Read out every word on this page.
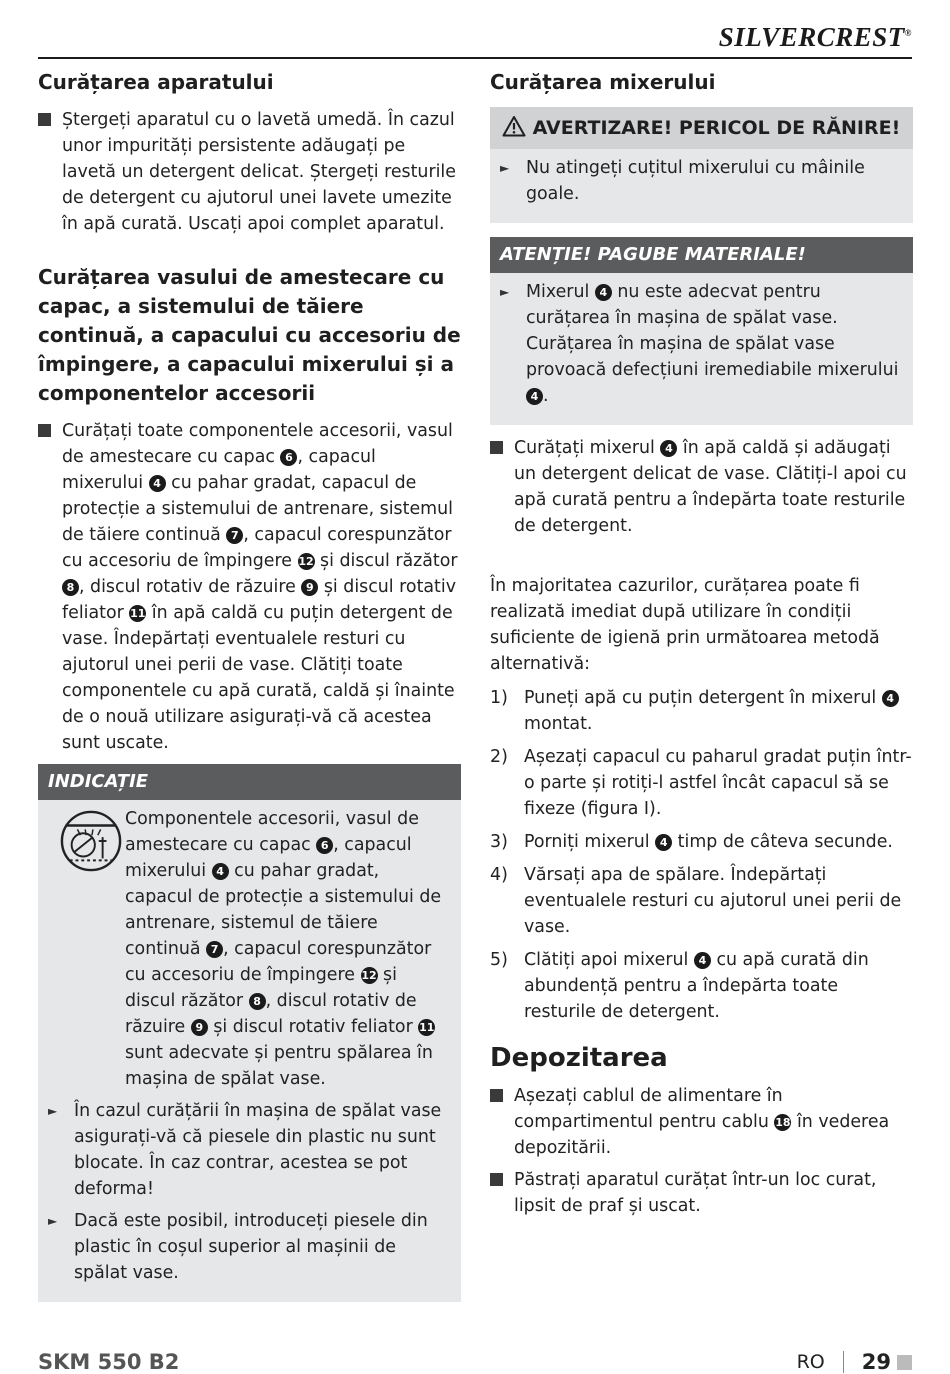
SILVERCREST®
Curățarea aparatului
Ștergeți aparatul cu o lavetă umedă. În cazul unor impurități persistente adăugați pe lavetă un detergent delicat. Ștergeți resturile de detergent cu ajutorul unei lavete umezite în apă curată. Uscați apoi complet aparatul.
Curățarea vasului de amestecare cu capac, a sistemului de tăiere continuă, a capacului cu accesoriu de împingere, a capacului mixerului și a componentelor accesorii
Curățați toate componentele accesorii, vasul de amestecare cu capac 6 , capacul mixerului 4 cu pahar gradat, capacul de protecție a sistemului de antrenare, sistemul de tăiere continuă 7 , capacul corespunzător cu accesoriu de împingere 12 și discul răzător 8 , discul rotativ de răzuire 9 și discul rotativ feliator 11 în apă caldă cu puțin detergent de vase. Îndepărtați eventualele resturi cu ajutorul unei perii de vase. Clătiți toate componentele cu apă curată, caldă și înainte de o nouă utilizare asigurați-vă că acestea sunt uscate.
INDICAȚIE
Componentele accesorii, vasul de amestecare cu capac 6 , capacul mixerului 4 cu pahar gradat, capacul de protecție a sistemului de antrenare, sistemul de tăiere continuă 7 , capacul corespunzător cu accesoriu de împingere 12 și discul răzător 8 , discul rotativ de răzuire 9 și discul rotativ feliator 11 sunt adecvate și pentru spălarea în mașina de spălat vase.
► În cazul curățării în mașina de spălat vase asigurați-vă că piesele din plastic nu sunt blocate. În caz contrar, acestea se pot deforma!
► Dacă este posibil, introduceți piesele din plastic în coșul superior al mașinii de spălat vase.
Curățarea mixerului
AVERTIZARE! PERICOL DE RĂNIRE!
► Nu atingeți cuțitul mixerului cu mâinile goale.
ATENȚIE! PAGUBE MATERIALE!
► Mixerul 4 nu este adecvat pentru curățarea în mașina de spălat vase. Curățarea în mașina de spălat vase provoacă defecțiuni iremediabile mixerului 4 .
Curățați mixerul 4 în apă caldă și adăugați un detergent delicat de vase. Clătiți-l apoi cu apă curată pentru a îndepărta toate resturile de detergent.

În majoritatea cazurilor, curățarea poate fi realizată imediat după utilizare în condiții suficiente de igienă prin următoarea metodă alternativă:

1) Puneți apă cu puțin detergent în mixerul 4 montat.
2) Așezați capacul cu paharul gradat puțin într-o parte și rotiți-l astfel încât capacul să se fixeze (figura I).
3) Porniți mixerul 4 timp de câteva secunde.
4) Vărsați apa de spălare. Îndepărtați eventualele resturi cu ajutorul unei perii de vase.
5) Clătiți apoi mixerul 4 cu apă curată din abundență pentru a îndepărta toate resturile de detergent.
Depozitarea
Așezați cablul de alimentare în compartimentul pentru cablu 18 în vederea depozitării.
Păstrați aparatul curățat într-un loc curat, lipsit de praf și uscat.
SKM 550 B2	RO 29
